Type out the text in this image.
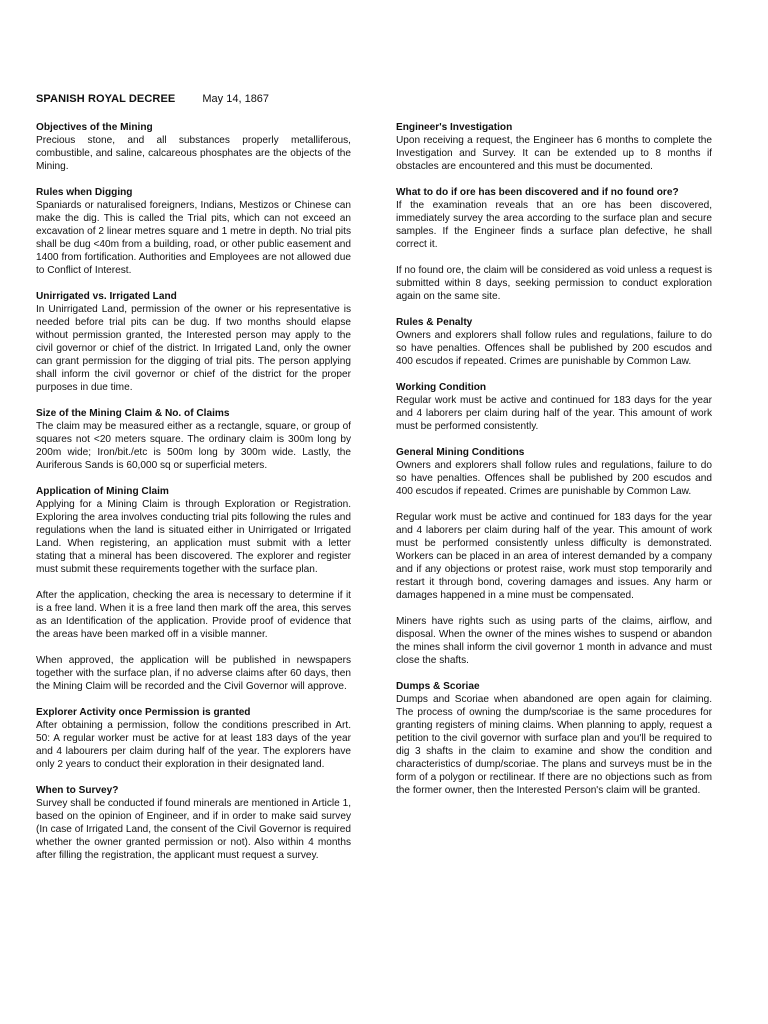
SPANISH ROYAL DECREE May 14, 1867
Objectives of the Mining
Precious stone, and all substances properly metalliferous, combustible, and saline, calcareous phosphates are the objects of the Mining.
Rules when Digging
Spaniards or naturalised foreigners, Indians, Mestizos or Chinese can make the dig. This is called the Trial pits, which can not exceed an excavation of 2 linear metres square and 1 metre in depth. No trial pits shall be dug <40m from a building, road, or other public easement and 1400 from fortification. Authorities and Employees are not allowed due to Conflict of Interest.
Unirrigated vs. Irrigated Land
In Unirrigated Land, permission of the owner or his representative is needed before trial pits can be dug. If two months should elapse without permission granted, the Interested person may apply to the civil governor or chief of the district. In Irrigated Land, only the owner can grant permission for the digging of trial pits. The person applying shall inform the civil governor or chief of the district for the proper purposes in due time.
Size of the Mining Claim & No. of Claims
The claim may be measured either as a rectangle, square, or group of squares not <20 meters square. The ordinary claim is 300m long by 200m wide; Iron/bit./etc is 500m long by 300m wide. Lastly, the Auriferous Sands is 60,000 sq or superficial meters.
Application of Mining Claim
Applying for a Mining Claim is through Exploration or Registration. Exploring the area involves conducting trial pits following the rules and regulations when the land is situated either in Unirrigated or Irrigated Land. When registering, an application must submit with a letter stating that a mineral has been discovered. The explorer and register must submit these requirements together with the surface plan.
After the application, checking the area is necessary to determine if it is a free land. When it is a free land then mark off the area, this serves as an Identification of the application. Provide proof of evidence that the areas have been marked off in a visible manner.
When approved, the application will be published in newspapers together with the surface plan, if no adverse claims after 60 days, then the Mining Claim will be recorded and the Civil Governor will approve.
Explorer Activity once Permission is granted
After obtaining a permission, follow the conditions prescribed in Art. 50: A regular worker must be active for at least 183 days of the year and 4 labourers per claim during half of the year. The explorers have only 2 years to conduct their exploration in their designated land.
When to Survey?
Survey shall be conducted if found minerals are mentioned in Article 1, based on the opinion of Engineer, and if in order to make said survey (In case of Irrigated Land, the consent of the Civil Governor is required whether the owner granted permission or not). Also within 4 months after filling the registration, the applicant must request a survey.
Engineer's Investigation
Upon receiving a request, the Engineer has 6 months to complete the Investigation and Survey. It can be extended up to 8 months if obstacles are encountered and this must be documented.
What to do if ore has been discovered and if no found ore?
If the examination reveals that an ore has been discovered, immediately survey the area according to the surface plan and secure samples. If the Engineer finds a surface plan defective, he shall correct it.
If no found ore, the claim will be considered as void unless a request is submitted within 8 days, seeking permission to conduct exploration again on the same site.
Rules & Penalty
Owners and explorers shall follow rules and regulations, failure to do so have penalties. Offences shall be published by 200 escudos and 400 escudos if repeated. Crimes are punishable by Common Law.
Working Condition
Regular work must be active and continued for 183 days for the year and 4 laborers per claim during half of the year. This amount of work must be performed consistently.
General Mining Conditions
Owners and explorers shall follow rules and regulations, failure to do so have penalties. Offences shall be published by 200 escudos and 400 escudos if repeated. Crimes are punishable by Common Law.
Regular work must be active and continued for 183 days for the year and 4 laborers per claim during half of the year. This amount of work must be performed consistently unless difficulty is demonstrated. Workers can be placed in an area of interest demanded by a company and if any objections or protest raise, work must stop temporarily and restart it through bond, covering damages and issues. Any harm or damages happened in a mine must be compensated.
Miners have rights such as using parts of the claims, airflow, and disposal. When the owner of the mines wishes to suspend or abandon the mines shall inform the civil governor 1 month in advance and must close the shafts.
Dumps & Scoriae
Dumps and Scoriae when abandoned are open again for claiming. The process of owning the dump/scoriae is the same procedures for granting registers of mining claims. When planning to apply, request a petition to the civil governor with surface plan and you'll be required to dig 3 shafts in the claim to examine and show the condition and characteristics of dump/scoriae. The plans and surveys must be in the form of a polygon or rectilinear. If there are no objections such as from the former owner, then the Interested Person's claim will be granted.
